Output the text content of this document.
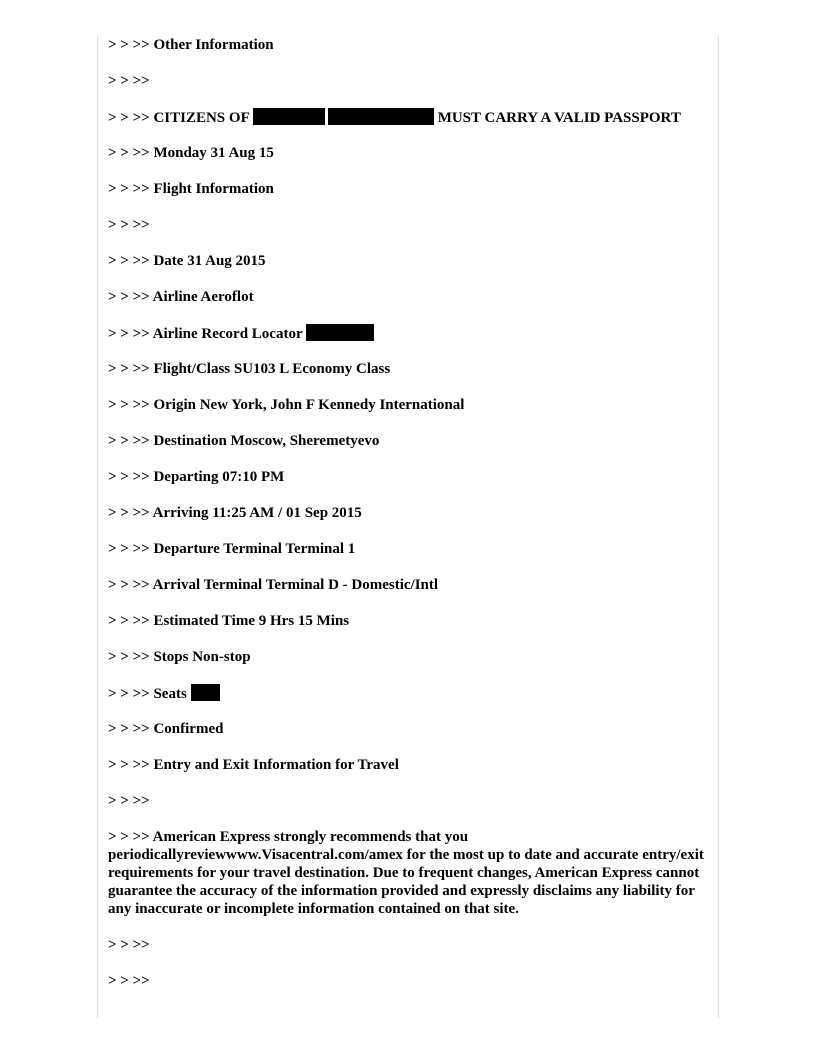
> > >> Other Information
> > >>
> > >> CITIZENS OF	MUST CARRY A VALID PASSPORT
> > >> Monday 31 Aug 15
> > >> Flight Information
> > >>
> > >> Date 31 Aug 2015
> > >> Airline Aeroflot
> > >> Airline Record Locator
> > >> Flight/Class SU103 L Economy Class
> > >> Origin New York, John F Kennedy International
> > >> Destination Moscow, Sheremetyevo
> > >> Departing 07:10 PM
> > >> Arriving 11:25 AM / 01 Sep 2015
> > >> Departure Terminal Terminal 1
> > >> Arrival Terminal Terminal D - Domestic/Intl
> > >> Estimated Time 9 Hrs 15 Mins
> > >> Stops Non-stop
> > >> Seats
> > >> Confirmed
> > >> Entry and Exit Information for Travel
> > >>
> > >> American Express strongly recommends that you periodicallyreviewwww.Visacentral.com/amex for the most up to date and accurate entry/exit requirements for your travel destination. Due to frequent changes, American Express cannot guarantee the accuracy of the information provided and expressly disclaims any liability for any inaccurate or incomplete information contained on that site.
> > >>
> > >>
